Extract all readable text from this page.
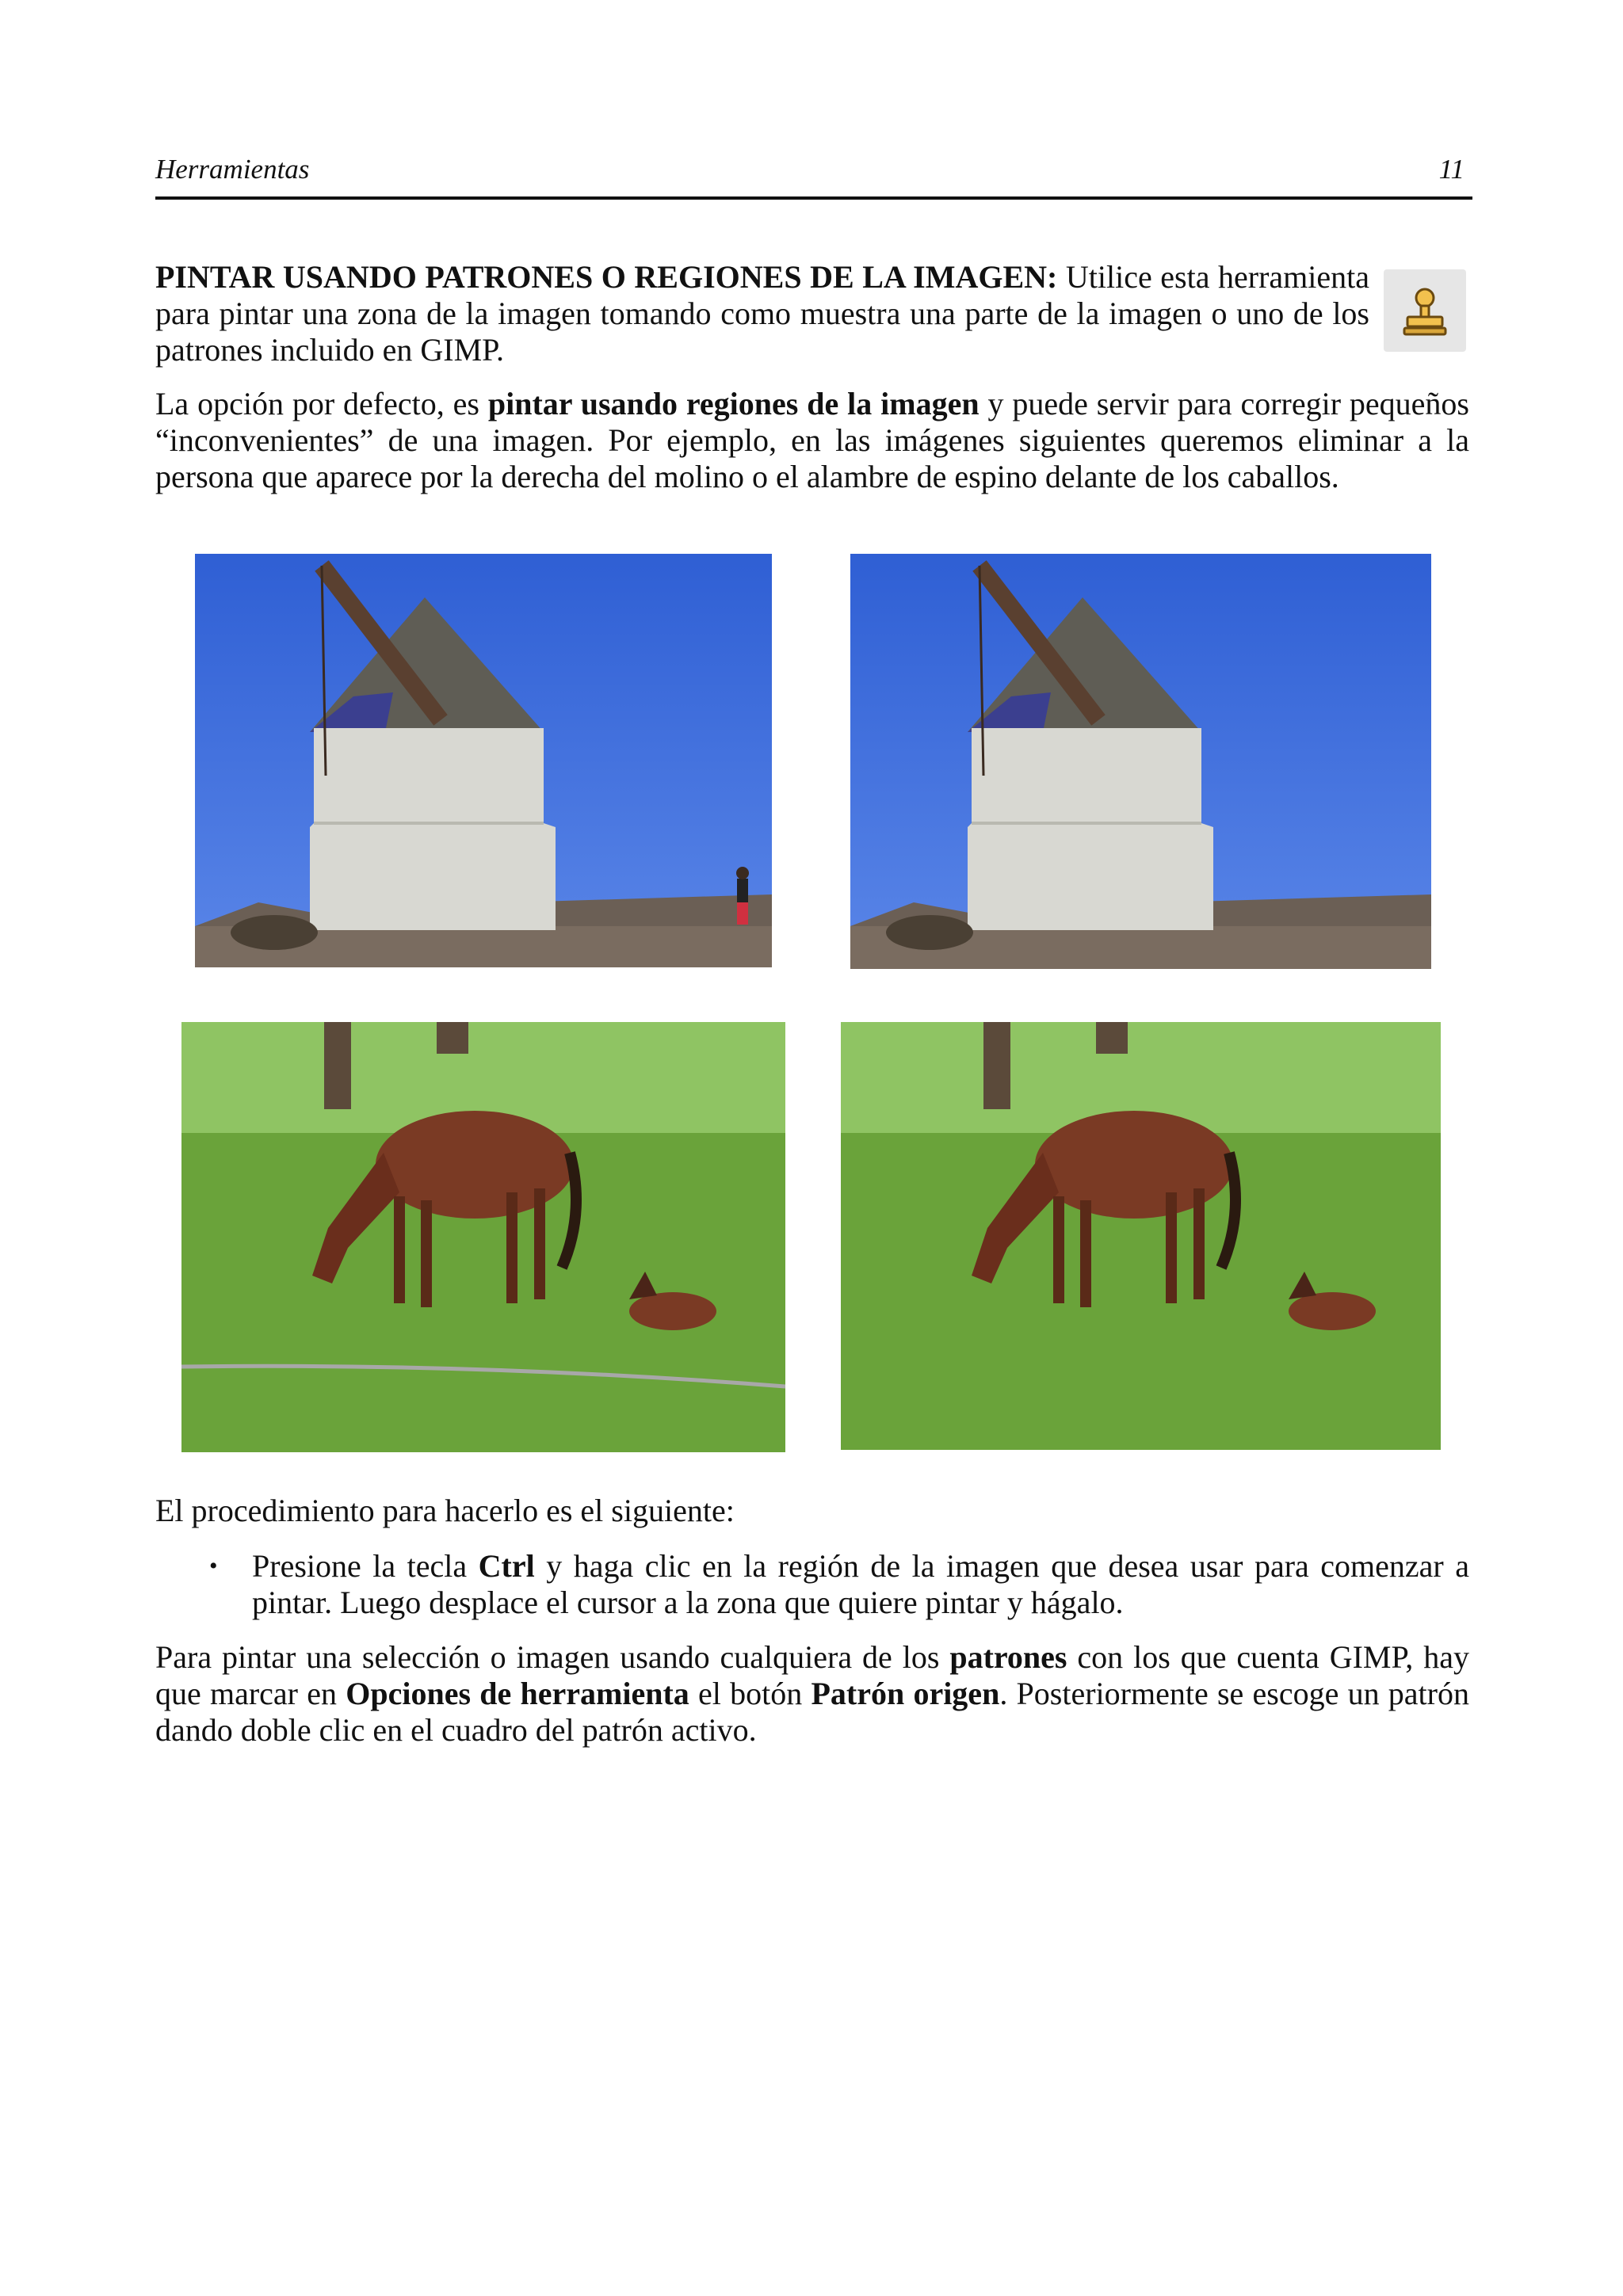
Herramientas	11

PINTAR USANDO PATRONES O REGIONES DE LA IMAGEN: Utilice esta herramienta para pintar una zona de la imagen tomando como muestra una parte de la imagen o uno de los patrones incluido en GIMP.

La opción por defecto, es pintar usando regiones de la imagen y puede servir para corregir pequeños “inconvenientes” de una imagen. Por ejemplo, en las imágenes siguientes queremos eliminar a la persona que aparece por la derecha del molino o el alambre de espino delante de los caballos.

El procedimiento para hacerlo es el siguiente:

• Presione la tecla Ctrl y haga clic en la región de la imagen que desea usar para comenzar a pintar. Luego desplace el cursor a la zona que quiere pintar y hágalo.

Para pintar una selección o imagen usando cualquiera de los patrones con los que cuenta GIMP, hay que marcar en Opciones de herramienta el botón Patrón origen. Posteriormente se escoge un patrón dando doble clic en el cuadro del patrón activo.
